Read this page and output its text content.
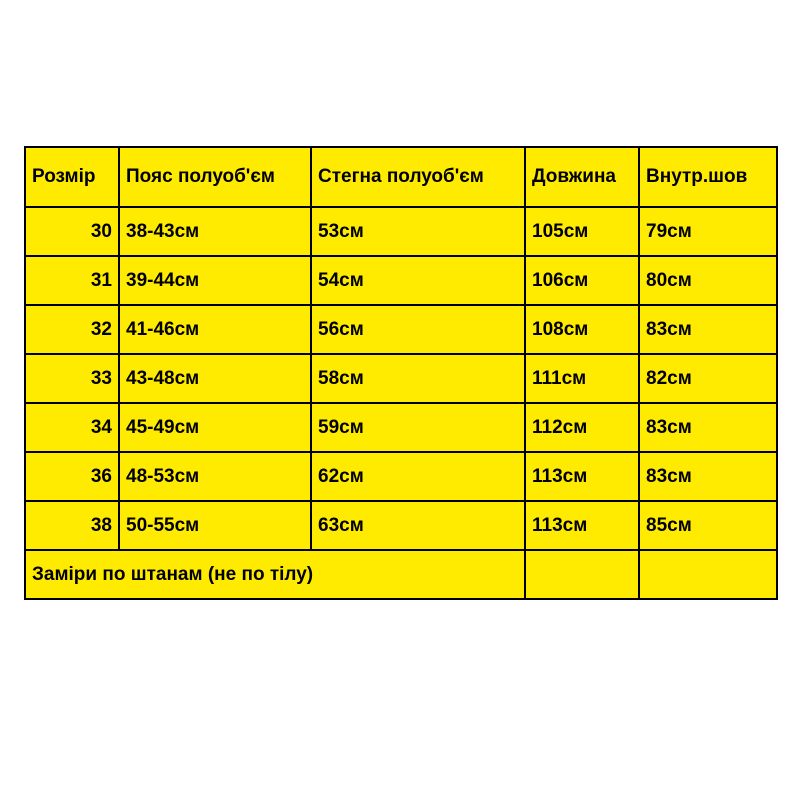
Розмір	Пояс полуоб'єм	Стегна полуоб'єм	Довжина	Внутр.шов
30	38-43см	53см	105см	79см
31	39-44см	54см	106см	80см
32	41-46см	56см	108см	83см
33	43-48см	58см	111см	82см
34	45-49см	59см	112см	83см
36	48-53см	62см	113см	83см
38	50-55см	63см	113см	85см
Заміри по штанам (не по тілу)				
